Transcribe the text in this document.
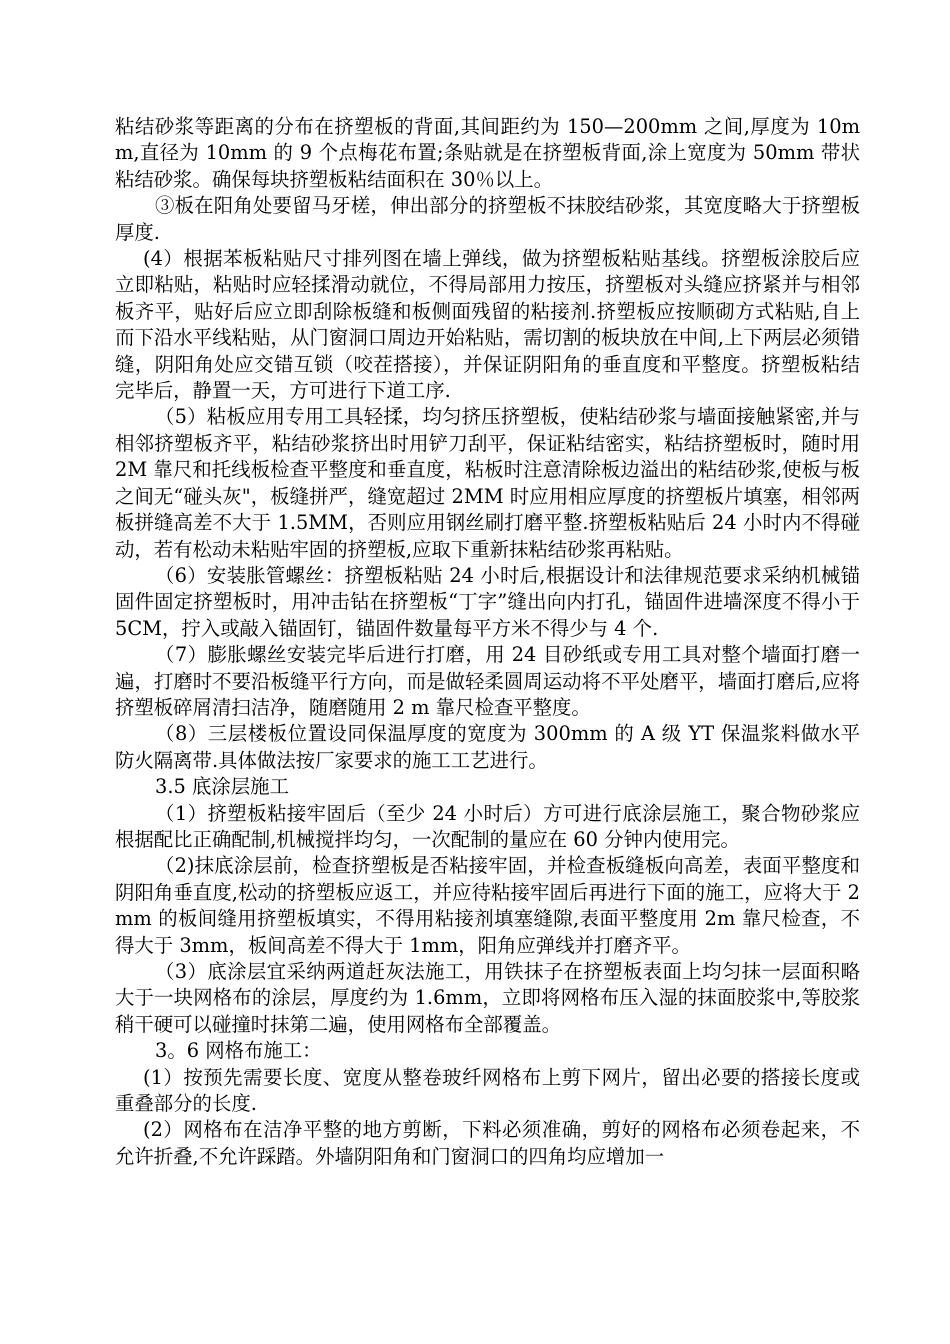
粘结砂浆等距离的分布在挤塑板的背面,其间距约为 150—200mm 之间,厚度为 10mm,直径为 10mm 的 9 个点梅花布置;条贴就是在挤塑板背面,涂上宽度为 50mm 带状粘结砂浆。确保每块挤塑板粘结面积在 30％以上。

③板在阳角处要留马牙槎，伸出部分的挤塑板不抹胶结砂浆，其宽度略大于挤塑板厚度.

(4）根据苯板粘贴尺寸排列图在墙上弹线，做为挤塑板粘贴基线。挤塑板涂胶后应立即粘贴，粘贴时应轻揉滑动就位，不得局部用力按压，挤塑板对头缝应挤紧并与相邻板齐平，贴好后应立即刮除板缝和板侧面残留的粘接剂.挤塑板应按顺砌方式粘贴,自上而下沿水平线粘贴，从门窗洞口周边开始粘贴，需切割的板块放在中间,上下两层必须错缝，阴阳角处应交错互锁（咬茬搭接），并保证阴阳角的垂直度和平整度。挤塑板粘结完毕后，静置一天，方可进行下道工序.

（5）粘板应用专用工具轻揉，均匀挤压挤塑板，使粘结砂浆与墙面接触紧密,并与相邻挤塑板齐平，粘结砂浆挤出时用铲刀刮平，保证粘结密实，粘结挤塑板时，随时用 2M 靠尺和托线板检查平整度和垂直度，粘板时注意清除板边溢出的粘结砂浆,使板与板之间无“碰头灰"，板缝拼严，缝宽超过 2MM 时应用相应厚度的挤塑板片填塞，相邻两板拼缝高差不大于 1.5MM，否则应用钢丝刷打磨平整.挤塑板粘贴后 24 小时内不得碰动，若有松动未粘贴牢固的挤塑板,应取下重新抹粘结砂浆再粘贴。

（6）安装胀管螺丝：挤塑板粘贴 24 小时后,根据设计和法律规范要求采纳机械锚固件固定挤塑板时，用冲击钻在挤塑板“丁字”缝出向内打孔，锚固件进墙深度不得小于 5CM，拧入或敲入锚固钉，锚固件数量每平方米不得少与 4 个.

（7）膨胀螺丝安装完毕后进行打磨，用 24 目砂纸或专用工具对整个墙面打磨一遍，打磨时不要沿板缝平行方向，而是做轻柔圆周运动将不平处磨平，墙面打磨后,应将挤塑板碎屑清扫洁净，随磨随用 2 m 靠尺检查平整度。

（8）三层楼板位置设同保温厚度的宽度为 300mm 的 A 级 YT 保温浆料做水平防火隔离带.具体做法按厂家要求的施工工艺进行。

3.5 底涂层施工

（1）挤塑板粘接牢固后（至少 24 小时后）方可进行底涂层施工，聚合物砂浆应根据配比正确配制,机械搅拌均匀，一次配制的量应在 60 分钟内使用完。

（2)抹底涂层前，检查挤塑板是否粘接牢固，并检查板缝板向高差，表面平整度和阴阳角垂直度,松动的挤塑板应返工，并应待粘接牢固后再进行下面的施工，应将大于 2mm 的板间缝用挤塑板填实，不得用粘接剂填塞缝隙,表面平整度用 2m 靠尺检查，不得大于 3mm，板间高差不得大于 1mm，阳角应弹线并打磨齐平。

（3）底涂层宜采纳两道赶灰法施工，用铁抹子在挤塑板表面上均匀抹一层面积略大于一块网格布的涂层，厚度约为 1.6mm，立即将网格布压入湿的抹面胶浆中,等胶浆稍干硬可以碰撞时抹第二遍，使用网格布全部覆盖。

3。6 网格布施工：

(1）按预先需要长度、宽度从整卷玻纤网格布上剪下网片，留出必要的搭接长度或重叠部分的长度.

(2）网格布在洁净平整的地方剪断，下料必须准确，剪好的网格布必须卷起来，不允许折叠,不允许踩踏。外墙阴阳角和门窗洞口的四角均应增加一
